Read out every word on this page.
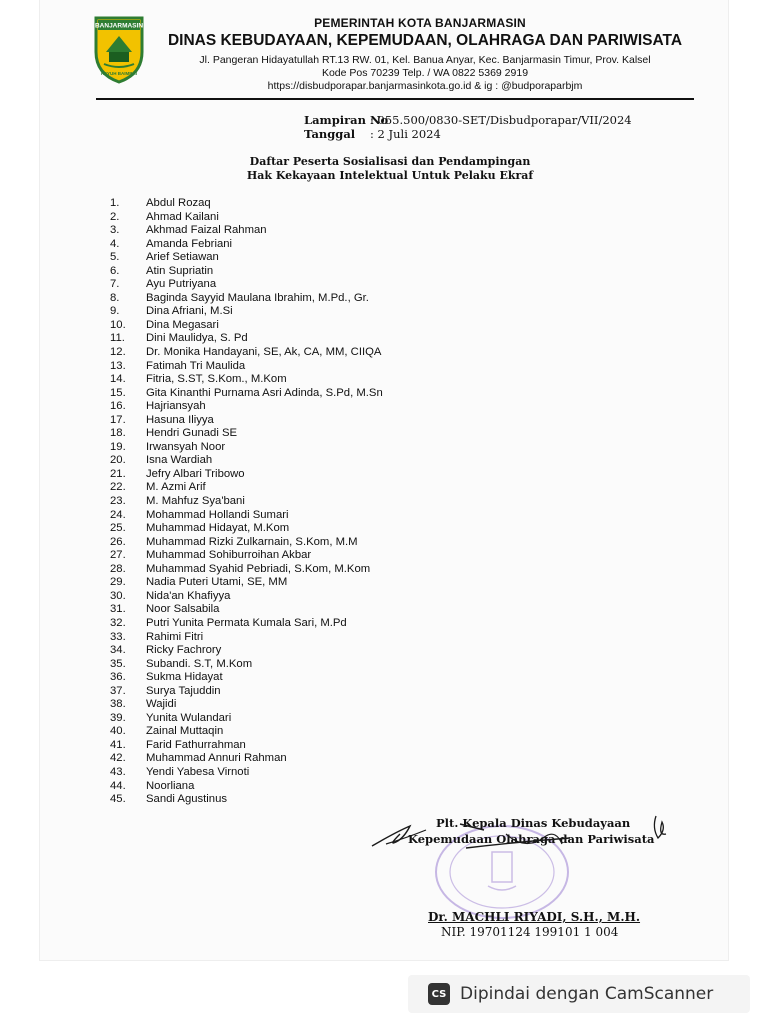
BANJARMASIN
KAYUH BAIMBAI
PEMERINTAH KOTA BANJARMASIN
DINAS KEBUDAYAAN, KEPEMUDAAN, OLAHRAGA DAN PARIWISATA
Jl. Pangeran Hidayatullah RT.13 RW. 01, Kel. Banua Anyar, Kec. Banjarmasin Timur, Prov. Kalsel
Kode Pos 70239 Telp. / WA 0822 5369 2919
https://disbudporapar.banjarmasinkota.go.id & ig : @budporaparbjm
Lampiran No
: 055.500/0830-SET/Disbudporapar/VII/2024
Tanggal : 2 Juli 2024
Daftar Peserta Sosialisasi dan Pendampingan
Hak Kekayaan Intelektual Untuk Pelaku Ekraf
1.	Abdul Rozaq
2.	Ahmad Kailani
3.	Akhmad Faizal Rahman
4.	Amanda Febriani
5.	Arief Setiawan
6.	Atin Supriatin
7.	Ayu Putriyana
8.	Baginda Sayyid Maulana Ibrahim, M.Pd., Gr.
9.	Dina Afriani, M.Si
10.	Dina Megasari
11.	Dini Maulidya, S. Pd
12.	Dr. Monika Handayani, SE, Ak, CA, MM, CIIQA
13.	Fatimah Tri Maulida
14.	Fitria, S.ST, S.Kom., M.Kom
15.	Gita Kinanthi Purnama Asri Adinda, S.Pd, M.Sn
16.	Hajriansyah
17.	Hasuna Iliyya
18.	Hendri Gunadi SE
19.	Irwansyah Noor
20.	Isna Wardiah
21.	Jefry Albari Tribowo
22.	M. Azmi Arif
23.	M. Mahfuz Sya'bani
24.	Mohammad Hollandi Sumari
25.	Muhammad Hidayat, M.Kom
26.	Muhammad Rizki Zulkarnain, S.Kom, M.M
27.	Muhammad Sohiburroihan Akbar
28.	Muhammad Syahid Pebriadi, S.Kom, M.Kom
29.	Nadia Puteri Utami, SE, MM
30.	Nida'an Khafiyya
31.	Noor Salsabila
32.	Putri Yunita Permata Kumala Sari, M.Pd
33.	Rahimi Fitri
34.	Ricky Fachrory
35.	Subandi. S.T, M.Kom
36.	Sukma Hidayat
37.	Surya Tajuddin
38.	Wajidi
39.	Yunita Wulandari
40.	Zainal Muttaqin
41.	Farid Fathurrahman
42.	Muhammad Annuri Rahman
43.	Yendi Yabesa Virnoti
44.	Noorliana
45.	Sandi Agustinus
Plt. Kepala Dinas Kebudayaan
Kepemudaan Olahraga dan Pariwisata
Dr. MACHLI RIYADI, S.H., M.H.
NIP. 19701124 199101 1 004
CS Dipindai dengan CamScanner
